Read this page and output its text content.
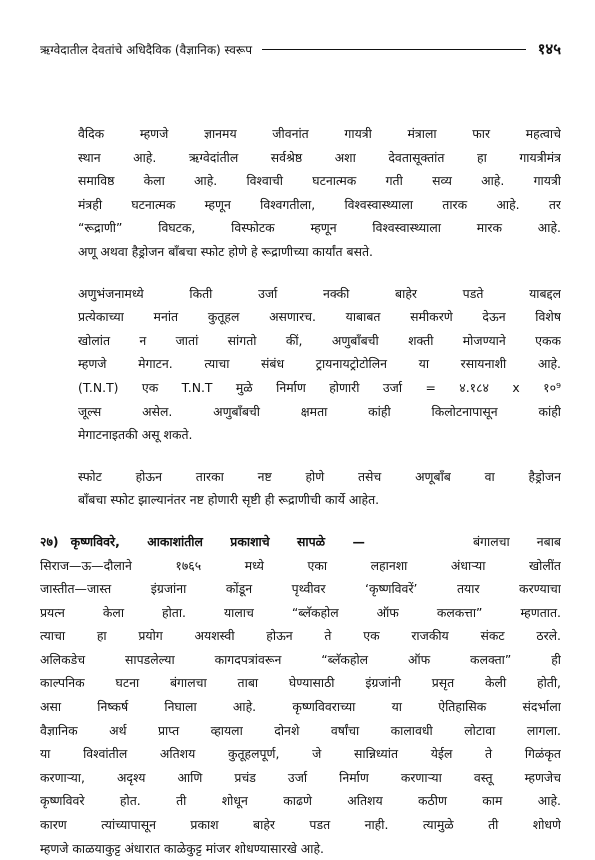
ऋग्वेदातील देवतांचे अधिदैविक (वैज्ञानिक) स्वरूप	१४५
वैदिक म्हणजे ज्ञानमय जीवनांत गायत्री मंत्राला फार महत्वाचे
स्थान आहे. ऋग्वेदांतील सर्वश्रेष्ठ अशा देवतासूक्तांत हा गायत्रीमंत्र
समाविष्ठ केला आहे. विश्वाची घटनात्मक गती सव्य आहे. गायत्री
मंत्रही घटनात्मक म्हणून विश्वगतीला, विश्वस्वास्थ्याला तारक आहे. तर
“रूद्राणी” विघटक, विस्फोटक म्हणून विश्वस्वास्थ्याला मारक आहे.
अणू अथवा हैड्रोजन बाँबचा स्फोट होणे हे रूद्राणीच्या कार्यांत बसते.
अणुभंजनामध्ये किती उर्जा नक्की बाहेर पडते याबद्दल
प्रत्येकाच्या मनांत कुतूहल असणारच. याबाबत समीकरणे देऊन विशेष
खोलांत न जातां सांगतो कीं, अणुबाँबची शक्ती मोजण्याने एकक
म्हणजे मेगाटन. त्याचा संबंध ट्रायनायट्रोटोलिन या रसायनाशी आहे.
(T.N.T) एक T.N.T मुळे निर्माण होणारी उर्जा = ४.१८४ x १०⁹
जूल्स असेल. अणुबाँबची क्षमता कांही किलोटनापासून कांही
मेगाटनाइतकी असू शकते.
स्फोट होऊन तारका नष्ट होणे तसेच अणूबाँब वा हैड्रोजन
बाँबचा स्फोट झाल्यानंतर नष्ट होणारी सृष्टी ही रूद्राणीची कार्ये आहेत.
२७) कृष्णविवरे, आकाशांतील प्रकाशाचे सापळे —	बंगालचा नबाब
सिराज—ऊ—दौलाने १७६५ मध्ये एका लहानशा अंधाऱ्या खोलींत
जास्तीत—जास्त इंग्रजांना कोंडून पृथ्वीवर ‘कृष्णविवरें’ तयार करण्याचा
प्रयत्न केला होता. यालाच “ब्लॅकहोल ऑफ कलकत्ता” म्हणतात.
त्याचा हा प्रयोग अयशस्वी होऊन ते एक राजकीय संकट ठरले.
अलिकडेच सापडलेल्या कागदपत्रांवरून “ब्लॅकहोल ऑफ कलक्ता” ही
काल्पनिक घटना बंगालचा ताबा घेण्यासाठी इंग्रजांनी प्रसृत केली होती,
असा निष्कर्ष निघाला आहे. कृष्णविवराच्या या ऐतिहासिक संदर्भाला
वैज्ञानिक अर्थ प्राप्त व्हायला दोनशे वर्षांचा कालावधी लोटावा लागला.
या विश्वांतील अतिशय कुतूहलपूर्ण, जे सान्निध्यांत येईल ते गिळंकृत
करणाऱ्या, अदृश्य आणि प्रचंड उर्जा निर्माण करणाऱ्या वस्तू म्हणजेच
कृष्णविवरे होत. ती शोधून काढणे अतिशय कठीण काम आहे.
कारण त्यांच्यापासून प्रकाश बाहेर पडत नाही. त्यामुळे ती शोधणे
म्हणजे काळयाकुट्ट अंधारात काळेकुट्ट मांजर शोधण्यासारखे आहे.
